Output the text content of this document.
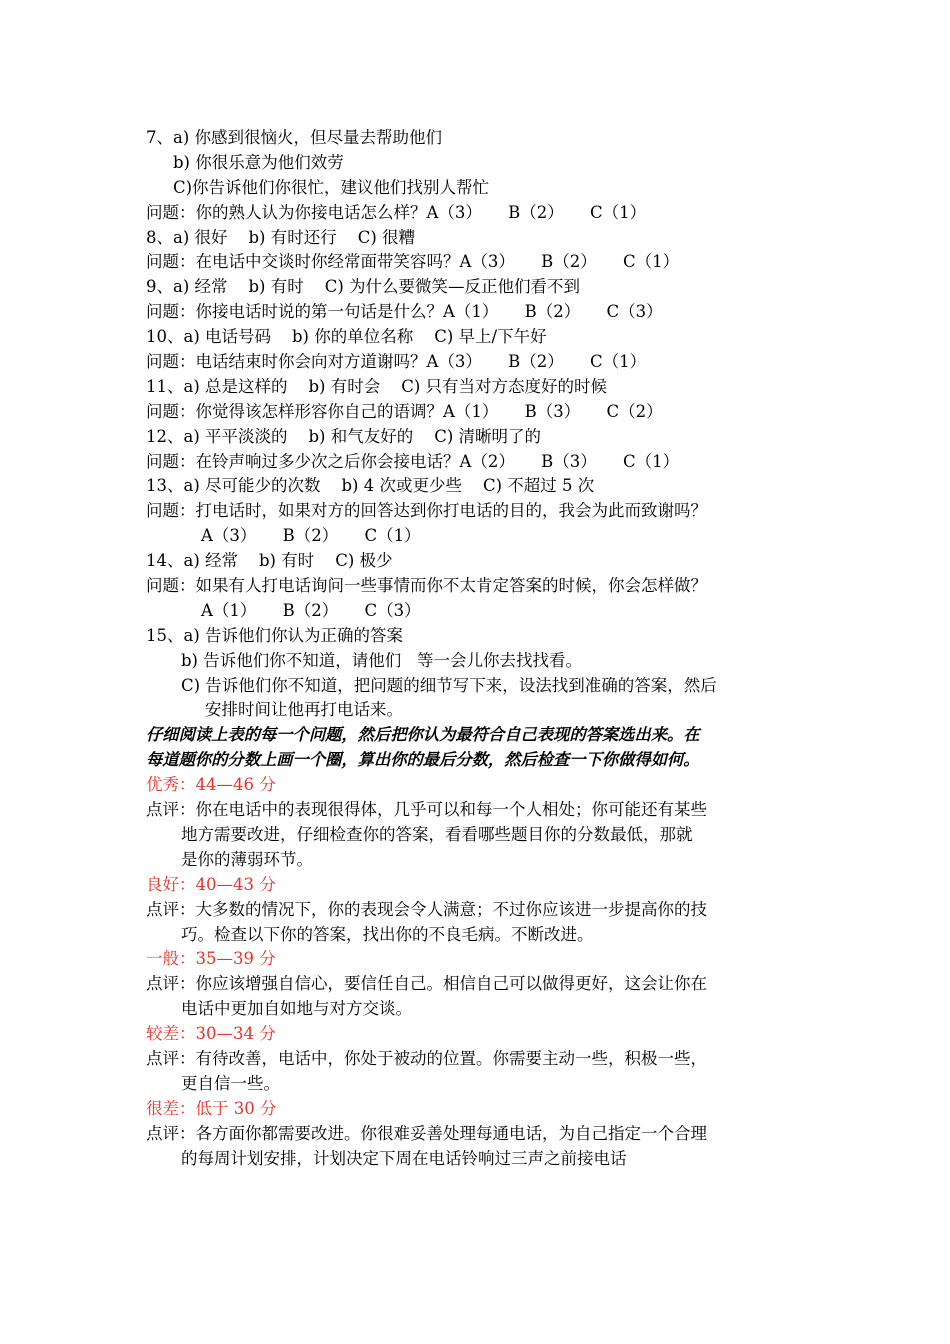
7、a) 你感到很恼火，但尽量去帮助他们
b) 你很乐意为他们效劳
C)你告诉他们你很忙，建议他们找别人帮忙
问题：你的熟人认为你接电话怎么样？A（3）     B（2）     C（1）
8、a) 很好    b) 有时还行    C) 很糟
问题：在电话中交谈时你经常面带笑容吗？A（3）     B（2）     C（1）
9、a) 经常    b) 有时    C) 为什么要微笑—反正他们看不到
问题：你接电话时说的第一句话是什么？A（1）     B（2）     C（3）
10、a) 电话号码    b) 你的单位名称    C) 早上/下午好
问题：电话结束时你会向对方道谢吗？A（3）     B（2）     C（1）
11、a) 总是这样的    b) 有时会    C) 只有当对方态度好的时候
问题：你觉得该怎样形容你自己的语调？A（1）     B（3）     C（2）
12、a) 平平淡淡的    b) 和气友好的    C) 清晰明了的
问题：在铃声响过多少次之后你会接电话？A（2）     B（3）     C（1）
13、a) 尽可能少的次数    b) 4 次或更少些    C) 不超过 5 次
问题：打电话时，如果对方的回答达到你打电话的目的，我会为此而致谢吗？
A（3）     B（2）     C（1）
14、a) 经常    b) 有时    C) 极少
问题：如果有人打电话询问一些事情而你不太肯定答案的时候，你会怎样做？
A（1）     B（2）     C（3）
15、a) 告诉他们你认为正确的答案
b) 告诉他们你不知道，请他们   等一会儿你去找找看。
C) 告诉他们你不知道，把问题的细节写下来，设法找到准确的答案，然后
安排时间让他再打电话来。
仔细阅读上表的每一个问题，然后把你认为最符合自己表现的答案选出来。在
每道题你的分数上画一个圈，算出你的最后分数，然后检查一下你做得如何。
优秀：44—46 分
点评：你在电话中的表现很得体，几乎可以和每一个人相处；你可能还有某些
地方需要改进，仔细检查你的答案，看看哪些题目你的分数最低，那就
是你的薄弱环节。
良好：40—43 分
点评：大多数的情况下，你的表现会令人满意；不过你应该进一步提高你的技
巧。检查以下你的答案，找出你的不良毛病。不断改进。
一般：35—39 分
点评：你应该增强自信心，要信任自己。相信自己可以做得更好，这会让你在
电话中更加自如地与对方交谈。
较差：30—34 分
点评：有待改善，电话中，你处于被动的位置。你需要主动一些，积极一些，
更自信一些。
很差：低于 30 分
点评：各方面你都需要改进。你很难妥善处理每通电话，为自己指定一个合理
的每周计划安排，计划决定下周在电话铃响过三声之前接电话
